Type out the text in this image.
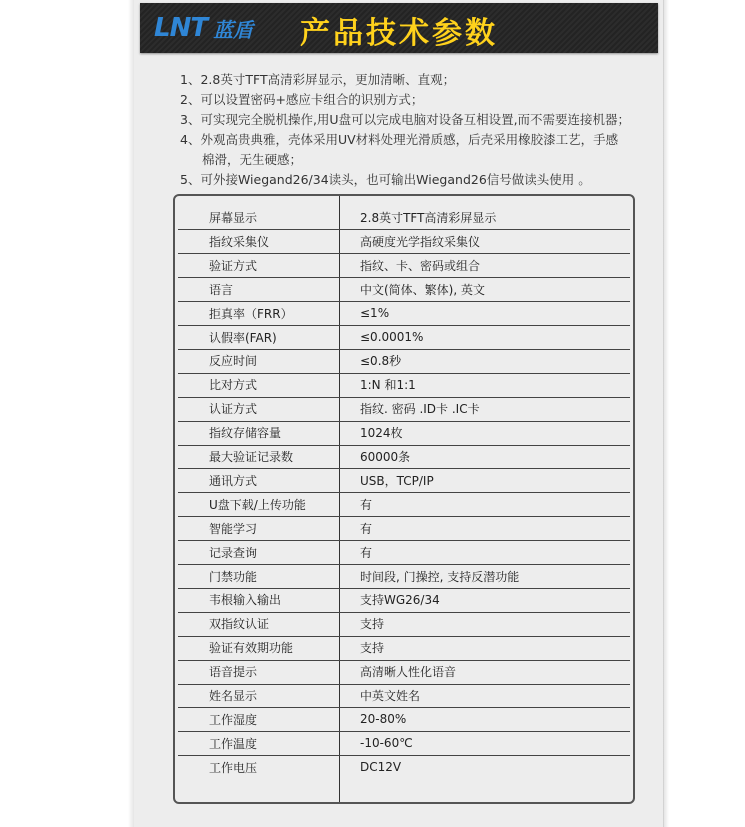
LNT 蓝盾 产品技术参数
1、2.8英寸TFT高清彩屏显示，更加清晰、直观；
2、可以设置密码+感应卡组合的识别方式；
3、可实现完全脱机操作,用U盘可以完成电脑对设备互相设置,而不需要连接机器；
4、外观高贵典雅，壳体采用UV材料处理光滑质感，后壳采用橡胶漆工艺，手感
棉滑，无生硬感；
5、可外接Wiegand26/34读头，也可输出Wiegand26信号做读头使用 。
屏幕显示	2.8英寸TFT高清彩屏显示
指纹采集仪	高硬度光学指纹采集仪
验证方式	指纹、卡、密码或组合
语言	中文(简体、繁体), 英文
拒真率（FRR）	≤1%
认假率(FAR)	≤0.0001%
反应时间	≤0.8秒
比对方式	1:N 和1:1
认证方式	指纹. 密码 .ID卡 .IC卡
指纹存储容量	1024枚
最大验证记录数	60000条
通讯方式	USB，TCP/IP
U盘下载/上传功能	有
智能学习	有
记录查询	有
门禁功能	时间段, 门操控, 支持反潜功能
韦根输入输出	支持WG26/34
双指纹认证	支持
验证有效期功能	支持
语音提示	高清晰人性化语音
姓名显示	中英文姓名
工作湿度	20-80%
工作温度	-10-60℃
工作电压	DC12V
